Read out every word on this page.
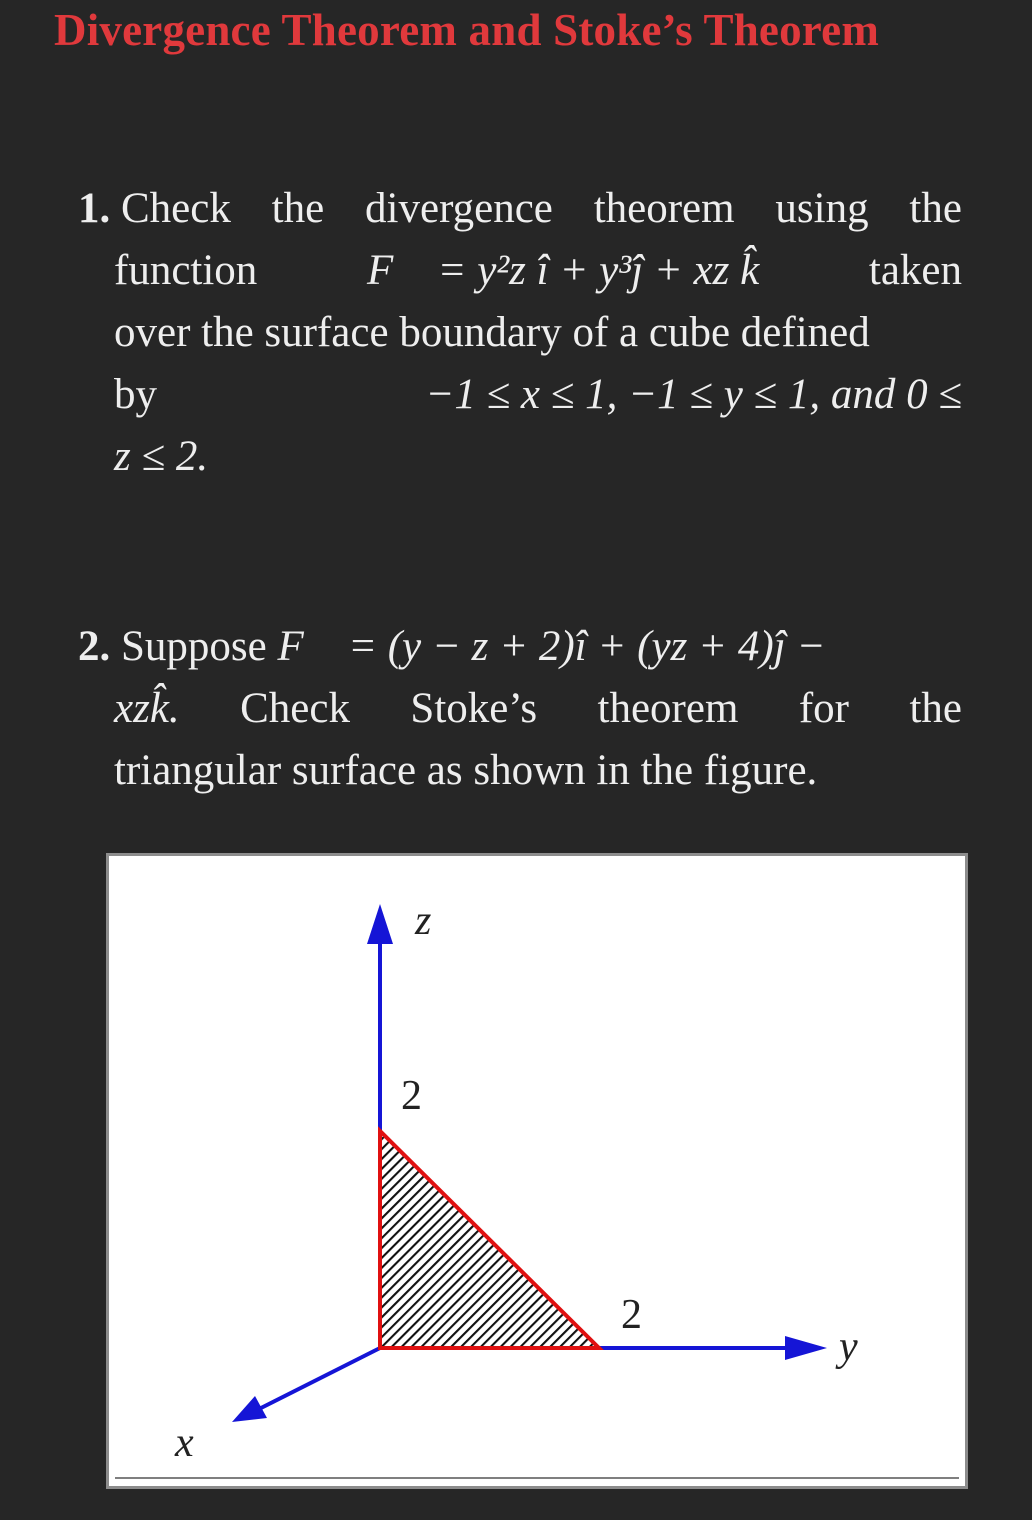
Divergence Theorem and Stoke’s Theorem
1. Check the divergence theorem using the
function	F⃗ = y²z î + y³ĵ + xz k̂	taken
over the surface boundary of a cube defined
by	−1 ≤ x ≤ 1, −1 ≤ y ≤ 1, and 0 ≤
z ≤ 2.
2. Suppose F⃗ = (y − z + 2)î + (yz + 4)ĵ −
xzk̂. Check Stoke’s theorem for the
triangular surface as shown in the figure.
z
2
2
y
x
